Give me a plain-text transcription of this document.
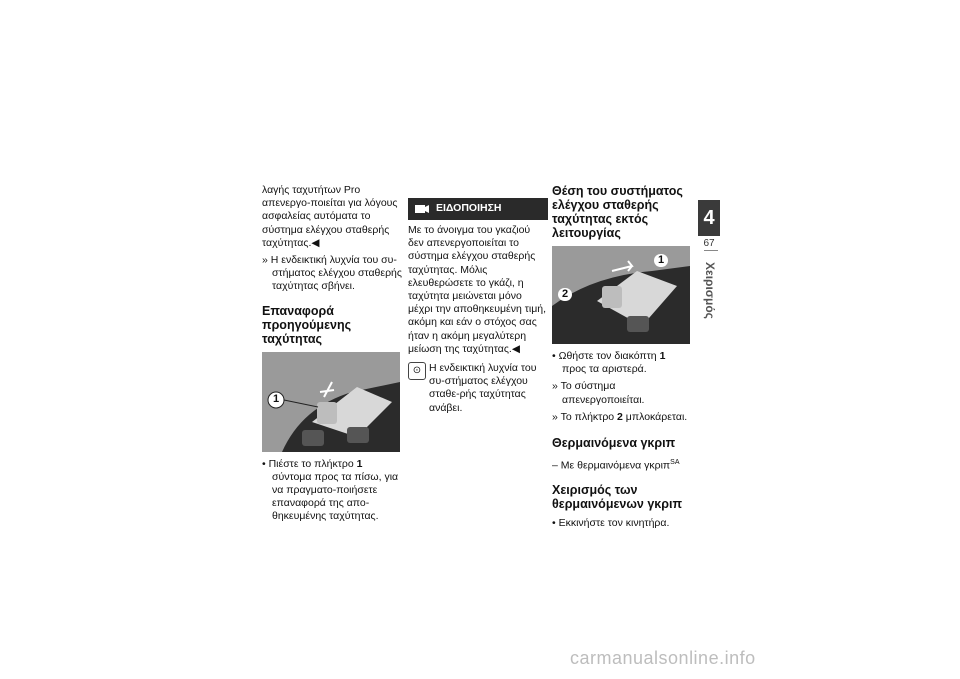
λαγής ταχυτήτων Pro απενεργο-ποιείται για λόγους ασφαλείας αυτόματα το σύστημα ελέγχου σταθερής ταχύτητας.◀

» Η ενδεικτική λυχνία του συ-στήματος ελέγχου σταθερής ταχύτητας σβήνει.

Επαναφορά προηγούμενης ταχύτητας
1

• Πιέστε το πλήκτρο 1 σύντομα προς τα πίσω, για να πραγματο-ποιήσετε επαναφορά της απο-θηκευμένης ταχύτητας.

ΕΙΔΟΠΟΙΗΣΗ

Με το άνοιγμα του γκαζιού δεν απενεργοποιείται το σύστημα ελέγχου σταθερής ταχύτητας. Μόλις ελευθερώσετε το γκάζι, η ταχύτητα μειώνεται μόνο μέχρι την αποθηκευμένη τιμή, ακόμη και εάν ο στόχος σας ήταν η ακόμη μεγαλύτερη μείωση της ταχύτητας.◀

⊙ Η ενδεικτική λυχνία του συ-στήματος ελέγχου σταθε-ρής ταχύτητας ανάβει.

Θέση του συστήματος ελέγχου σταθερής ταχύτητας εκτός λειτουργίας
1
2

• Ωθήστε τον διακόπτη 1 προς τα αριστερά.

» Το σύστημα απενεργοποιείται.

» Το πλήκτρο 2 μπλοκάρεται.

Θερμαινόμενα γκριπ

– Με θερμαινόμενα γκριπ$^{SA}$

Χειρισμός των θερμαινόμενων γκριπ

• Εκκινήστε τον κινητήρα.

4
67
Χειρισμός
carmanualsonline.info
